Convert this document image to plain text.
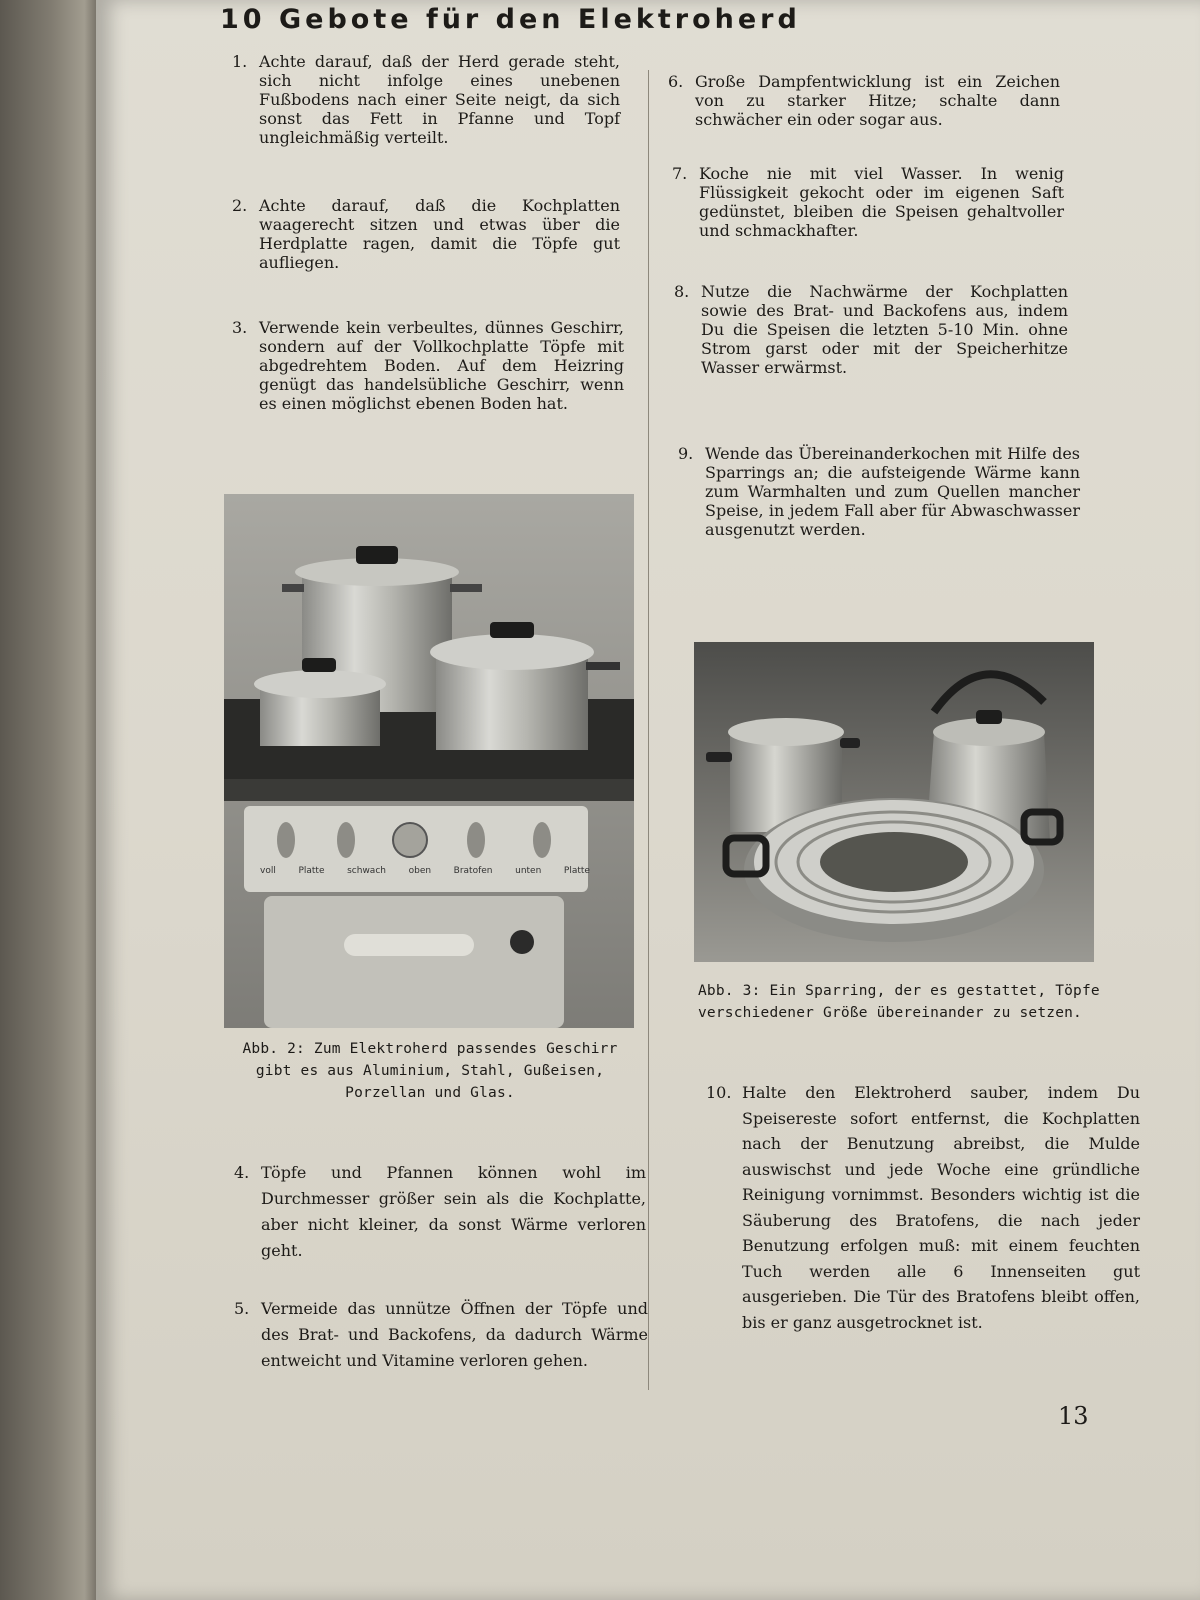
10 Gebote für den Elektroherd
1. Achte darauf, daß der Herd gerade steht, sich nicht infolge eines unebenen Fußbodens nach einer Seite neigt, da sich sonst das Fett in Pfanne und Topf ungleichmäßig verteilt.
2. Achte darauf, daß die Kochplatten waagerecht sitzen und etwas über die Herdplatte ragen, damit die Töpfe gut aufliegen.
3. Verwende kein verbeultes, dünnes Geschirr, sondern auf der Vollkochplatte Töpfe mit abgedrehtem Boden. Auf dem Heizring genügt das handelsübliche Geschirr, wenn es einen möglichst ebenen Boden hat.
voll	Platte	schwach	oben	Bratofen	unten	Platte
Abb. 2: Zum Elektroherd passendes Geschirr gibt es aus Aluminium, Stahl, Gußeisen, Porzellan und Glas.
4. Töpfe und Pfannen können wohl im Durchmesser größer sein als die Kochplatte, aber nicht kleiner, da sonst Wärme verloren geht.
5. Vermeide das unnütze Öffnen der Töpfe und des Brat- und Backofens, da dadurch Wärme entweicht und Vitamine verloren gehen.
6. Große Dampfentwicklung ist ein Zeichen von zu starker Hitze; schalte dann schwächer ein oder sogar aus.
7. Koche nie mit viel Wasser. In wenig Flüssigkeit gekocht oder im eigenen Saft gedünstet, bleiben die Speisen gehaltvoller und schmackhafter.
8. Nutze die Nachwärme der Kochplatten sowie des Brat- und Backofens aus, indem Du die Speisen die letzten 5-10 Min. ohne Strom garst oder mit der Speicherhitze Wasser erwärmst.
9. Wende das Übereinanderkochen mit Hilfe des Sparrings an; die aufsteigende Wärme kann zum Warmhalten und zum Quellen mancher Speise, in jedem Fall aber für Abwaschwasser ausgenutzt werden.
Abb. 3: Ein Sparring, der es gestattet, Töpfe verschiedener Größe übereinander zu setzen.
10. Halte den Elektroherd sauber, indem Du Speisereste sofort entfernst, die Kochplatten nach der Benutzung abreibst, die Mulde auswischst und jede Woche eine gründliche Reinigung vornimmst. Besonders wichtig ist die Säuberung des Bratofens, die nach jeder Benutzung erfolgen muß: mit einem feuchten Tuch werden alle 6 Innenseiten gut ausgerieben. Die Tür des Bratofens bleibt offen, bis er ganz ausgetrocknet ist.
13
